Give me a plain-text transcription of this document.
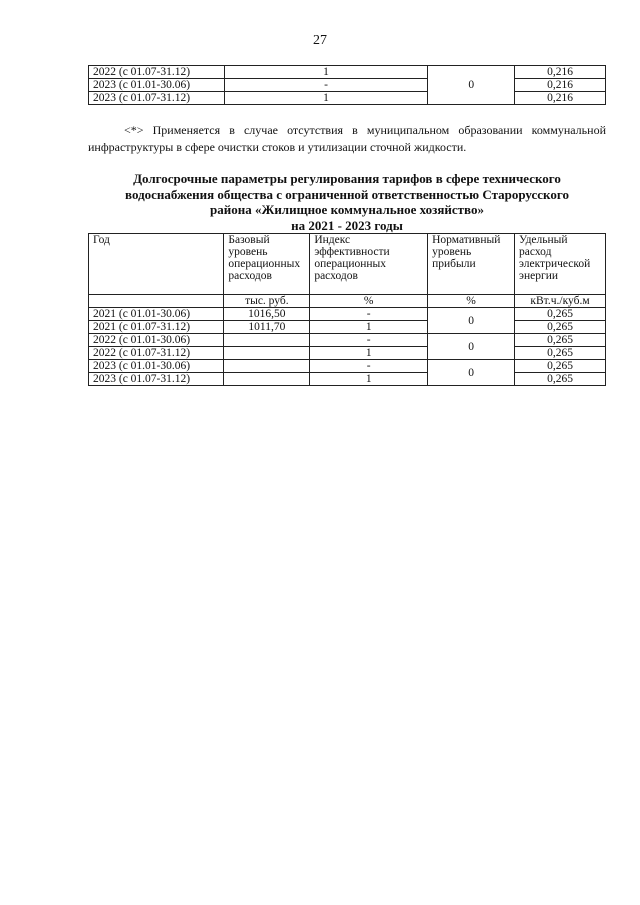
27
2022 (с 01.07-31.12)	1	0	0,216
2023 (с 01.01-30.06)	-		0,216
2023 (с 01.07-31.12)	1		0,216
<*> Применяется в случае отсутствия в муниципальном образовании коммунальной инфраструктуры в сфере очистки стоков и утилизации сточной жидкости.
Долгосрочные параметры регулирования тарифов в сфере технического
водоснабжения общества с ограниченной ответственностью Старорусского
района «Жилищное коммунальное хозяйство»
на 2021 - 2023 годы
Год	Базовый уровень операционных расходов	Индекс эффективности операционных расходов	Нормативный уровень прибыли	Удельный расход электрической энергии
	тыс. руб.	%	%	кВт.ч./куб.м
2021 (с 01.01-30.06)	1016,50	-	0	0,265
2021 (с 01.07-31.12)	1011,70	1		0,265
2022 (с 01.01-30.06)		-	0	0,265
2022 (с 01.07-31.12)		1		0,265
2023 (с 01.01-30.06)		-	0	0,265
2023 (с 01.07-31.12)		1		0,265
